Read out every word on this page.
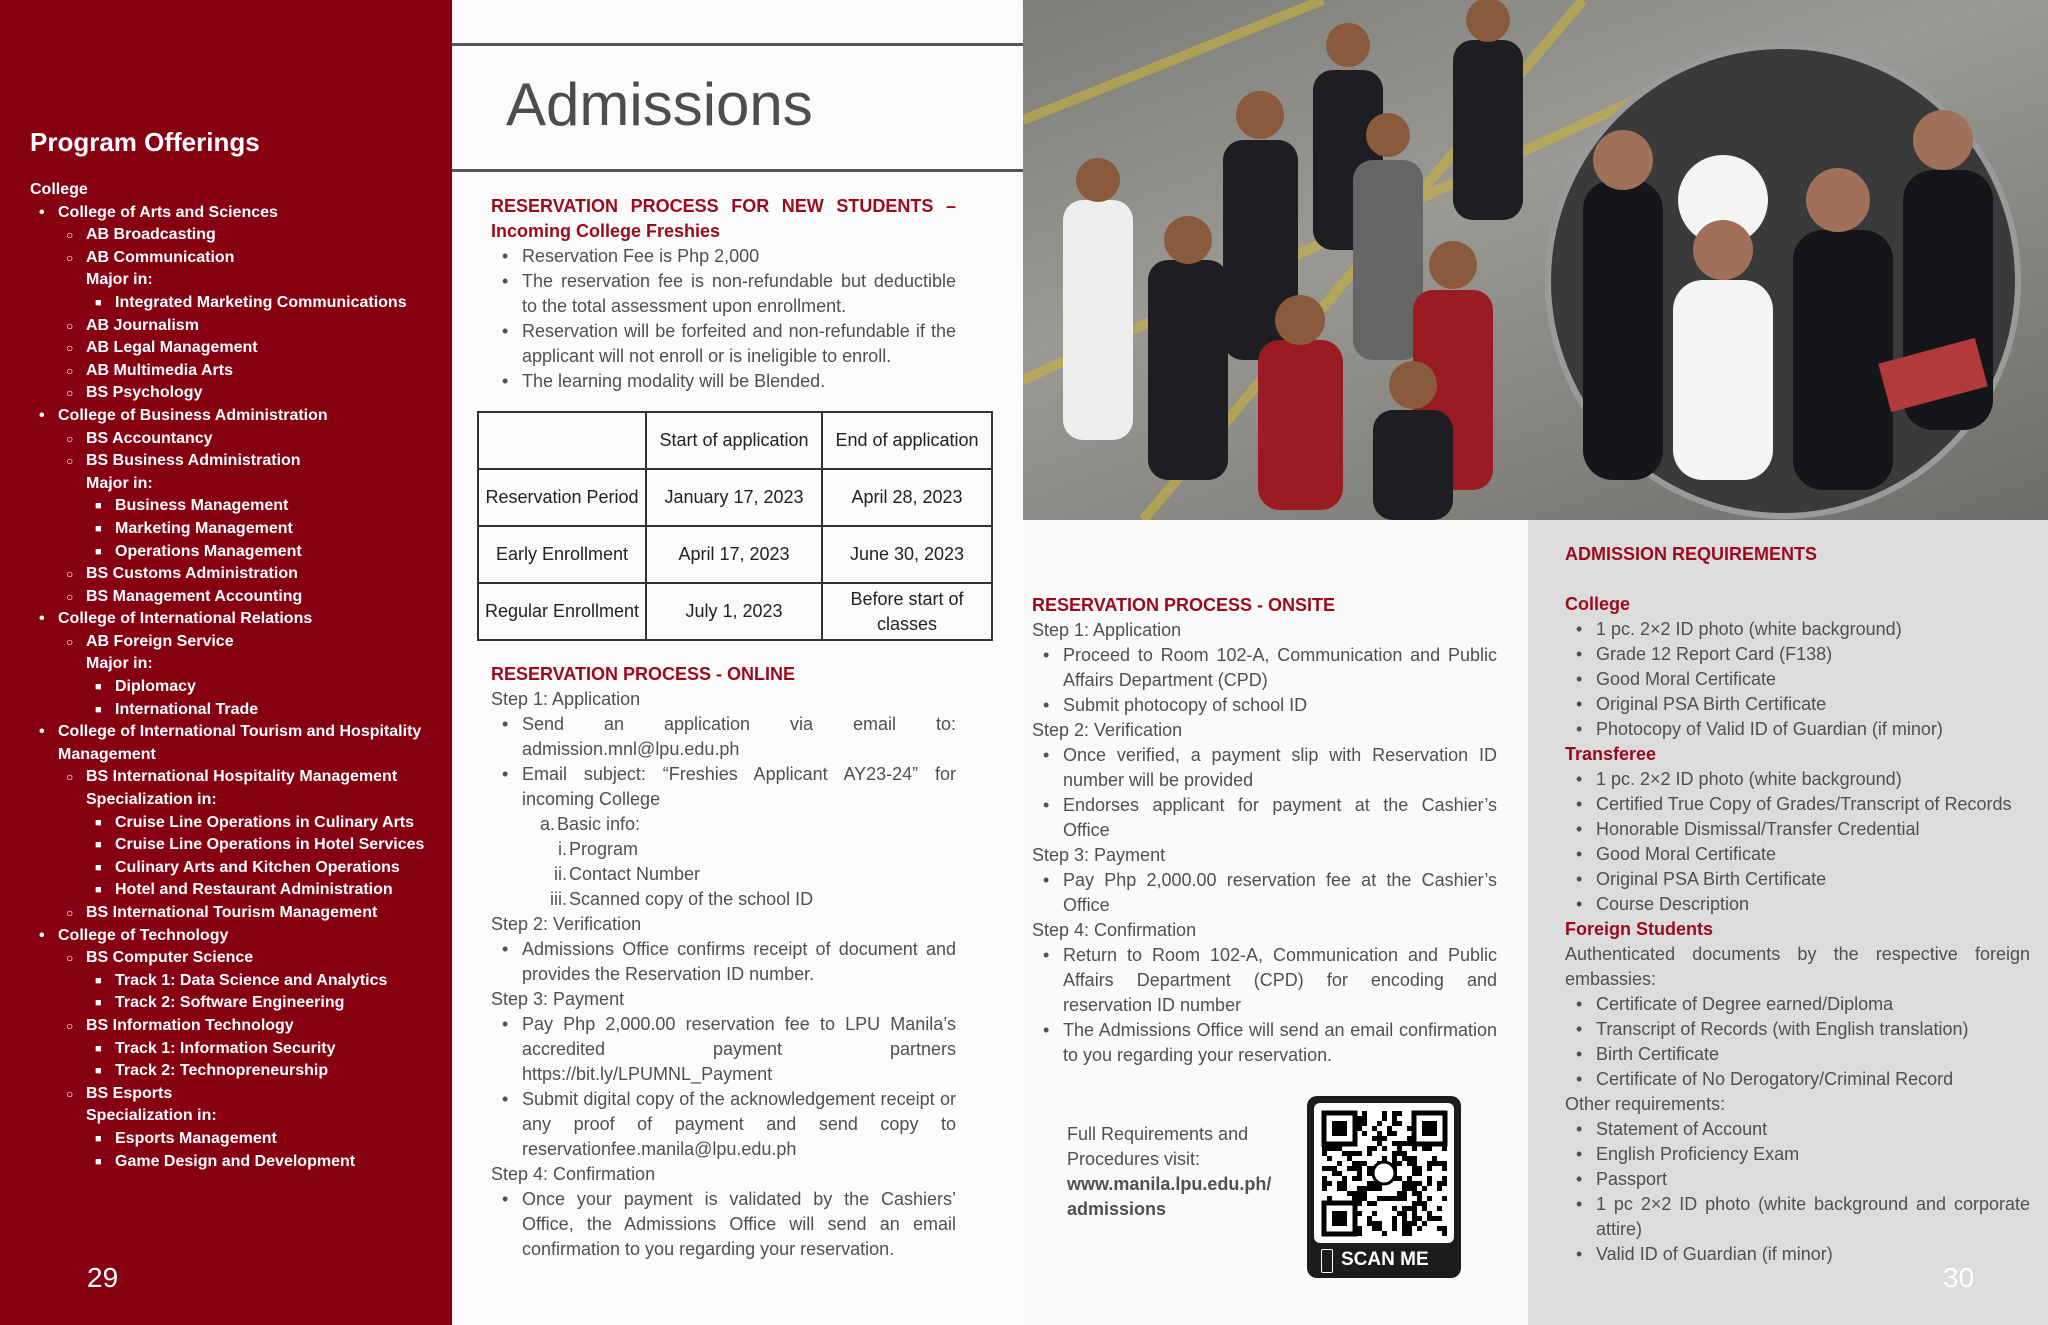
Program Offerings
College
• College of Arts and Sciences
○ AB Broadcasting
○ AB Communication
Major in:
■ Integrated Marketing Communications
○ AB Journalism
○ AB Legal Management
○ AB Multimedia Arts
○ BS Psychology
• College of Business Administration
○ BS Accountancy
○ BS Business Administration
Major in:
■ Business Management
■ Marketing Management
■ Operations Management
○ BS Customs Administration
○ BS Management Accounting
• College of International Relations
○ AB Foreign Service
Major in:
■ Diplomacy
■ International Trade
• College of International Tourism and Hospitality Management
○ BS International Hospitality Management
Specialization in:
■ Cruise Line Operations in Culinary Arts
■ Cruise Line Operations in Hotel Services
■ Culinary Arts and Kitchen Operations
■ Hotel and Restaurant Administration
○ BS International Tourism Management
• College of Technology
○ BS Computer Science
■ Track 1: Data Science and Analytics
■ Track 2: Software Engineering
○ BS Information Technology
■ Track 1: Information Security
■ Track 2: Technopreneurship
○ BS Esports
Specialization in:
■ Esports Management
■ Game Design and Development
29
Admissions
RESERVATION PROCESS FOR NEW STUDENTS – Incoming College Freshies
• Reservation Fee is Php 2,000
• The reservation fee is non-refundable but deductible to the total assessment upon enrollment.
• Reservation will be forfeited and non-refundable if the applicant will not enroll or is ineligible to enroll.
• The learning modality will be Blended.
	Start of application	End of application
Reservation Period	January 17, 2023	April 28, 2023
Early Enrollment	April 17, 2023	June 30, 2023
Regular Enrollment	July 1, 2023	Before start of classes
RESERVATION PROCESS - ONLINE
Step 1: Application
• Send an application via email to: admission.mnl@lpu.edu.ph
• Email subject: “Freshies Applicant AY23-24” for incoming College
a. Basic info:
i. Program
ii. Contact Number
iii. Scanned copy of the school ID
Step 2: Verification
• Admissions Office confirms receipt of document and provides the Reservation ID number.
Step 3: Payment
• Pay Php 2,000.00 reservation fee to LPU Manila’s accredited payment partners https://bit.ly/LPUMNL_Payment
• Submit digital copy of the acknowledgement receipt or any proof of payment and send copy to reservationfee.manila@lpu.edu.ph
Step 4: Confirmation
• Once your payment is validated by the Cashiers’ Office, the Admissions Office will send an email confirmation to you regarding your reservation.
RESERVATION PROCESS - ONSITE
Step 1: Application
• Proceed to Room 102-A, Communication and Public Affairs Department (CPD)
• Submit photocopy of school ID
Step 2: Verification
• Once verified, a payment slip with Reservation ID number will be provided
• Endorses applicant for payment at the Cashier’s Office
Step 3: Payment
• Pay Php 2,000.00 reservation fee at the Cashier’s Office
Step 4: Confirmation
• Return to Room 102-A, Communication and Public Affairs Department (CPD) for encoding and reservation ID number
• The Admissions Office will send an email confirmation to you regarding your reservation.
Full Requirements and
Procedures visit:
www.manila.lpu.edu.ph/
admissions
SCAN ME
ADMISSION REQUIREMENTS
College
• 1 pc. 2×2 ID photo (white background)
• Grade 12 Report Card (F138)
• Good Moral Certificate
• Original PSA Birth Certificate
• Photocopy of Valid ID of Guardian (if minor)
Transferee
• 1 pc. 2×2 ID photo (white background)
• Certified True Copy of Grades/Transcript of Records
• Honorable Dismissal/Transfer Credential
• Good Moral Certificate
• Original PSA Birth Certificate
• Course Description
Foreign Students
Authenticated documents by the respective foreign embassies:
• Certificate of Degree earned/Diploma
• Transcript of Records (with English translation)
• Birth Certificate
• Certificate of No Derogatory/Criminal Record
Other requirements:
• Statement of Account
• English Proficiency Exam
• Passport
• 1 pc 2×2 ID photo (white background and corporate attire)
• Valid ID of Guardian (if minor)
30
